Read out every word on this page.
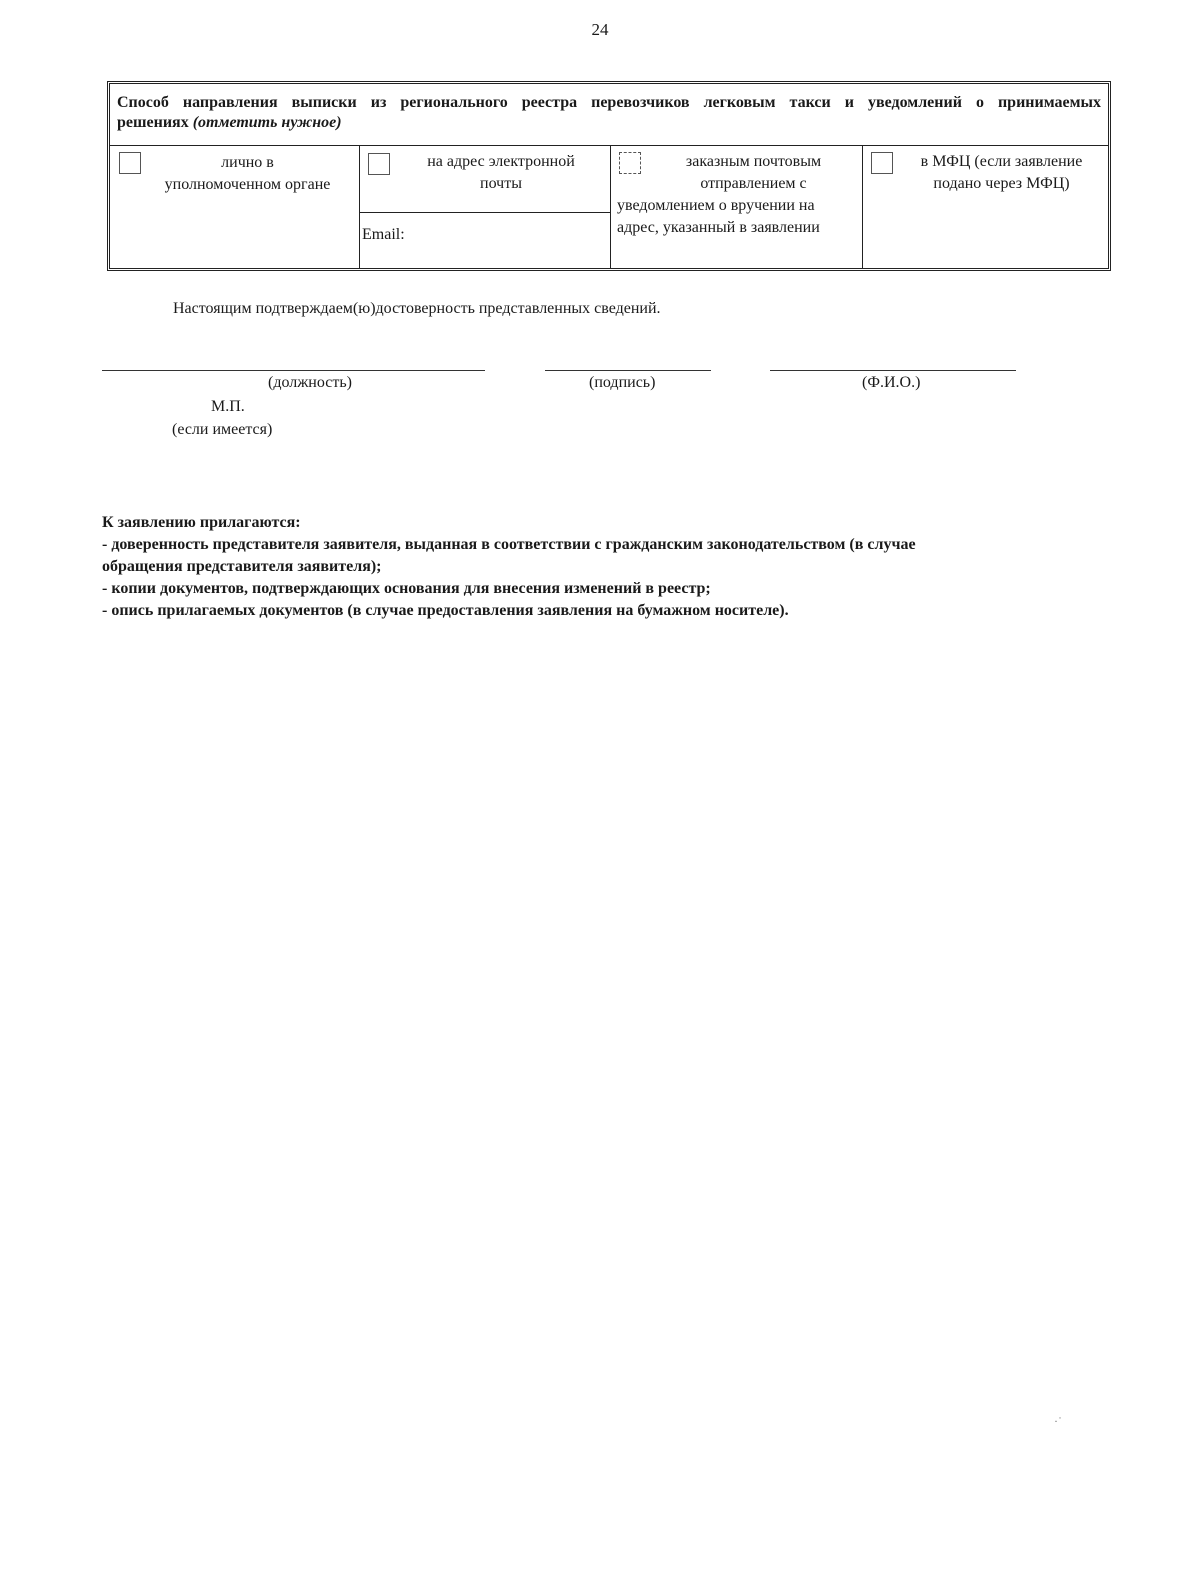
24
Способ направления выписки из регионального реестра перевозчиков легковым такси и уведомлений о принимаемых решениях (отметить нужное)
лично в
уполномоченном органе
на адрес электронной
почты
Email:
заказным почтовым
отправлением с
уведомлением о вручении на
адрес, указанный в заявлении
в МФЦ (если заявление
подано через МФЦ)
Настоящим подтверждаем(ю)достоверность представленных сведений.
(должность)	(подпись)	(Ф.И.О.)
М.П.
(если имеется)
К заявлению прилагаются:
- доверенность представителя заявителя, выданная в соответствии с гражданским законодательством (в случае
обращения представителя заявителя);
- копии документов, подтверждающих основания для внесения изменений в реестр;
- опись прилагаемых документов (в случае предоставления заявления на бумажном носителе).
·˙
